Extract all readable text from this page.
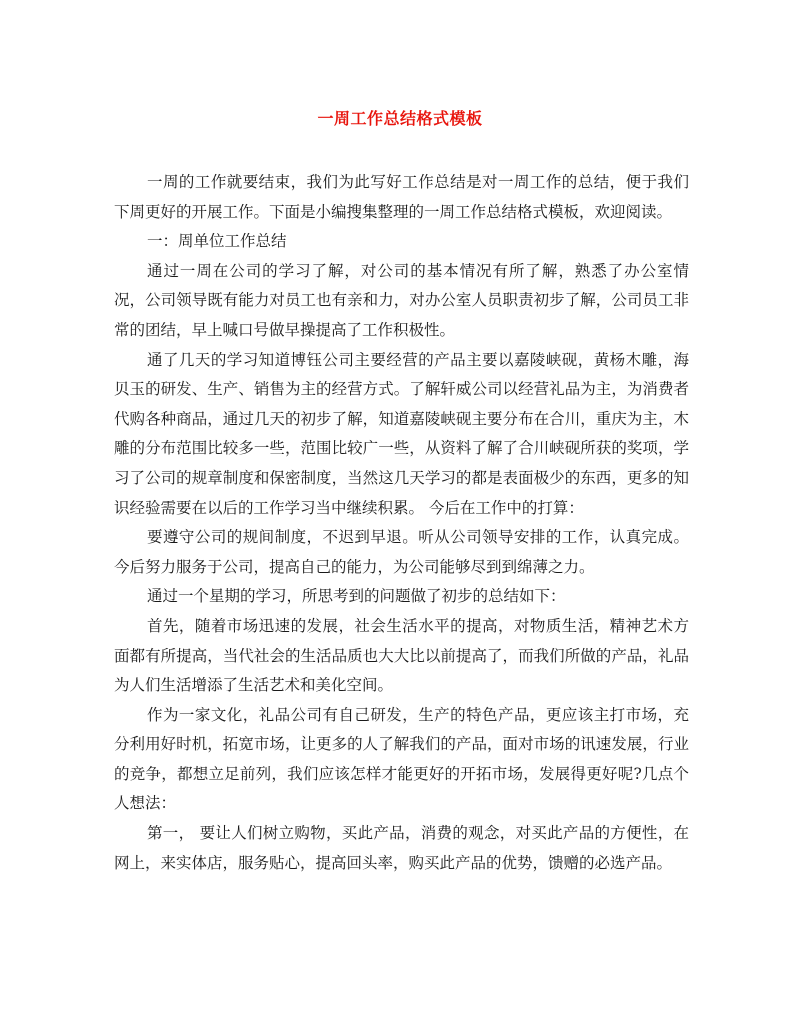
一周工作总结格式模板

一周的工作就要结束，我们为此写好工作总结是对一周工作的总结，便于我们下周更好的开展工作。下面是小编搜集整理的一周工作总结格式模板，欢迎阅读。

一：周单位工作总结

通过一周在公司的学习了解，对公司的基本情况有所了解，熟悉了办公室情况，公司领导既有能力对员工也有亲和力，对办公室人员职责初步了解，公司员工非常的团结，早上喊口号做早操提高了工作积极性。

通了几天的学习知道博钰公司主要经营的产品主要以嘉陵峡砚，黄杨木雕，海贝玉的研发、生产、销售为主的经营方式。了解轩威公司以经营礼品为主，为消费者代购各种商品，通过几天的初步了解，知道嘉陵峡砚主要分布在合川，重庆为主，木雕的分布范围比较多一些，范围比较广一些，从资料了解了合川峡砚所获的奖项，学习了公司的规章制度和保密制度，当然这几天学习的都是表面极少的东西，更多的知识经验需要在以后的工作学习当中继续积累。 今后在工作中的打算：

要遵守公司的规间制度，不迟到早退。听从公司领导安排的工作，认真完成。今后努力服务于公司，提高自己的能力，为公司能够尽到到绵薄之力。

通过一个星期的学习，所思考到的问题做了初步的总结如下：

首先，随着市场迅速的发展，社会生活水平的提高，对物质生活，精神艺术方面都有所提高，当代社会的生活品质也大大比以前提高了，而我们所做的产品，礼品为人们生活增添了生活艺术和美化空间。

作为一家文化，礼品公司有自己研发，生产的特色产品，更应该主打市场，充分利用好时机，拓宽市场，让更多的人了解我们的产品，面对市场的讯速发展，行业的竞争，都想立足前列，我们应该怎样才能更好的开拓市场，发展得更好呢?几点个人想法：

第一， 要让人们树立购物，买此产品，消费的观念，对买此产品的方便性，在网上，来实体店，服务贴心，提高回头率，购买此产品的优势，馈赠的必选产品。
